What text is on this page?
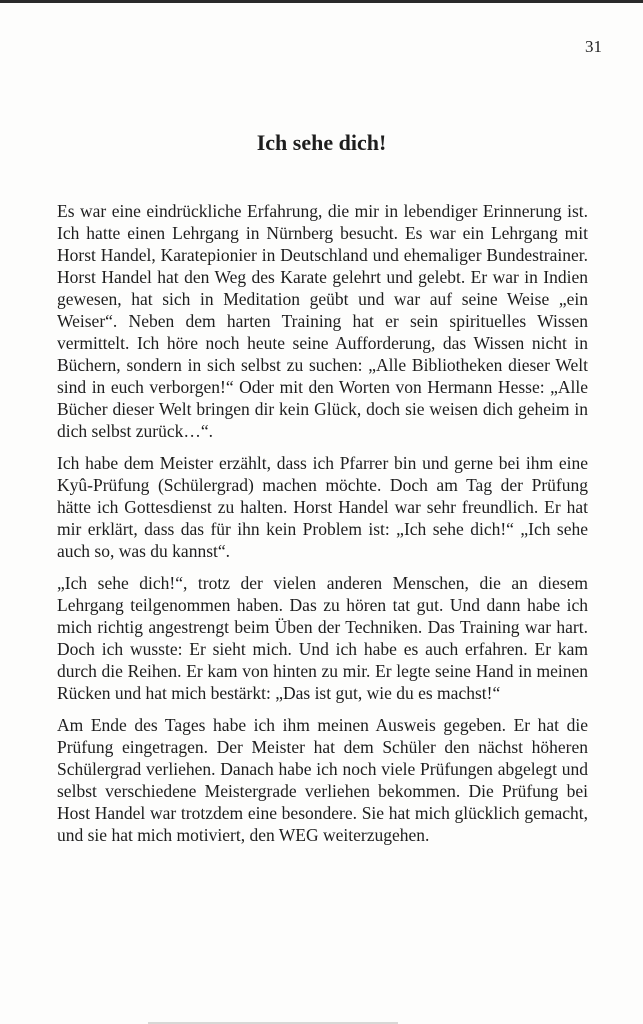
31
Ich sehe dich!

Es war eine eindrückliche Erfahrung, die mir in lebendiger Erinnerung ist. Ich hatte einen Lehrgang in Nürnberg besucht. Es war ein Lehrgang mit Horst Handel, Karatepionier in Deutschland und ehemaliger Bundestrainer. Horst Handel hat den Weg des Karate gelehrt und gelebt. Er war in Indien gewesen, hat sich in Meditation geübt und war auf seine Weise „ein Weiser“. Neben dem harten Training hat er sein spirituelles Wissen vermittelt. Ich höre noch heute seine Aufforderung, das Wissen nicht in Büchern, sondern in sich selbst zu suchen: „Alle Bibliotheken dieser Welt sind in euch verborgen!“ Oder mit den Worten von Hermann Hesse: „Alle Bücher dieser Welt bringen dir kein Glück, doch sie weisen dich geheim in dich selbst zurück…“.

Ich habe dem Meister erzählt, dass ich Pfarrer bin und gerne bei ihm eine Kyû-Prüfung (Schülergrad) machen möchte. Doch am Tag der Prüfung hätte ich Gottesdienst zu halten. Horst Handel war sehr freundlich. Er hat mir erklärt, dass das für ihn kein Problem ist: „Ich sehe dich!“ „Ich sehe auch so, was du kannst“.

„Ich sehe dich!“, trotz der vielen anderen Menschen, die an diesem Lehrgang teilgenommen haben. Das zu hören tat gut. Und dann habe ich mich richtig angestrengt beim Üben der Techniken. Das Training war hart. Doch ich wusste: Er sieht mich. Und ich habe es auch erfahren. Er kam durch die Reihen. Er kam von hinten zu mir. Er legte seine Hand in meinen Rücken und hat mich bestärkt: „Das ist gut, wie du es machst!“

Am Ende des Tages habe ich ihm meinen Ausweis gegeben. Er hat die Prüfung eingetragen. Der Meister hat dem Schüler den nächst höheren Schülergrad verliehen. Danach habe ich noch viele Prüfungen abgelegt und selbst verschiedene Meistergrade verliehen bekommen. Die Prüfung bei Host Handel war trotzdem eine besondere. Sie hat mich glücklich gemacht, und sie hat mich motiviert, den WEG weiterzugehen.
